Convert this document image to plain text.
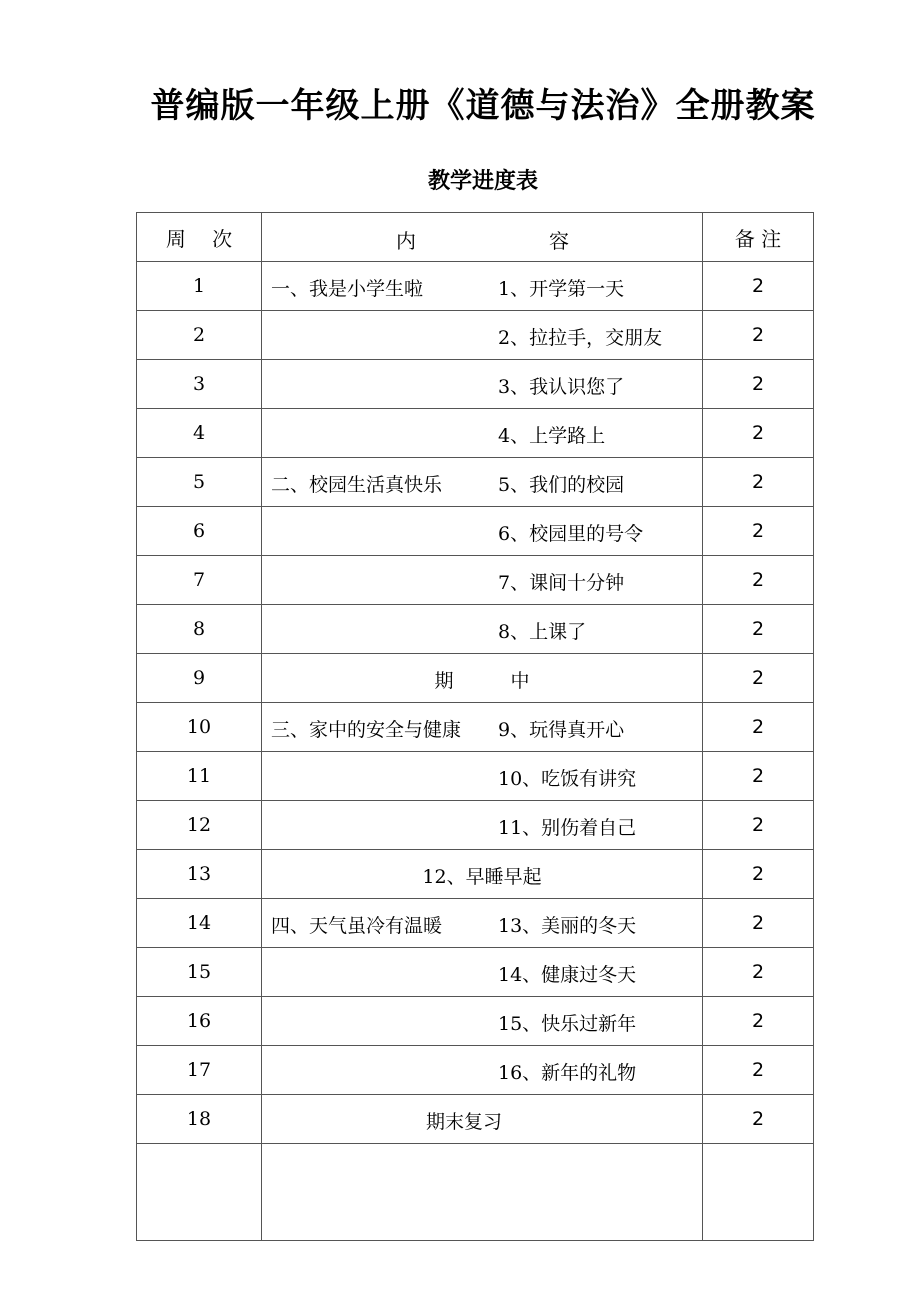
普编版一年级上册《道德与法治》全册教案
教学进度表
周　 次	内 容	备 注
1	一、我是小学生啦 1、开学第一天	2
2	2、拉拉手，交朋友	2
3	3、我认识您了	2
4	4、上学路上	2
5	二、校园生活真快乐 5、我们的校园	2
6	6、校园里的号令	2
7	7、课间十分钟	2
8	8、上课了	2
9	期　　　中	2
10	三、家中的安全与健康 9、玩得真开心	2
11	10、吃饭有讲究	2
12	11、别伤着自己	2
13	12、早睡早起	2
14	四、天气虽冷有温暖 13、美丽的冬天	2
15	14、健康过冬天	2
16	15、快乐过新年	2
17	16、新年的礼物	2
18	期末复习	2
